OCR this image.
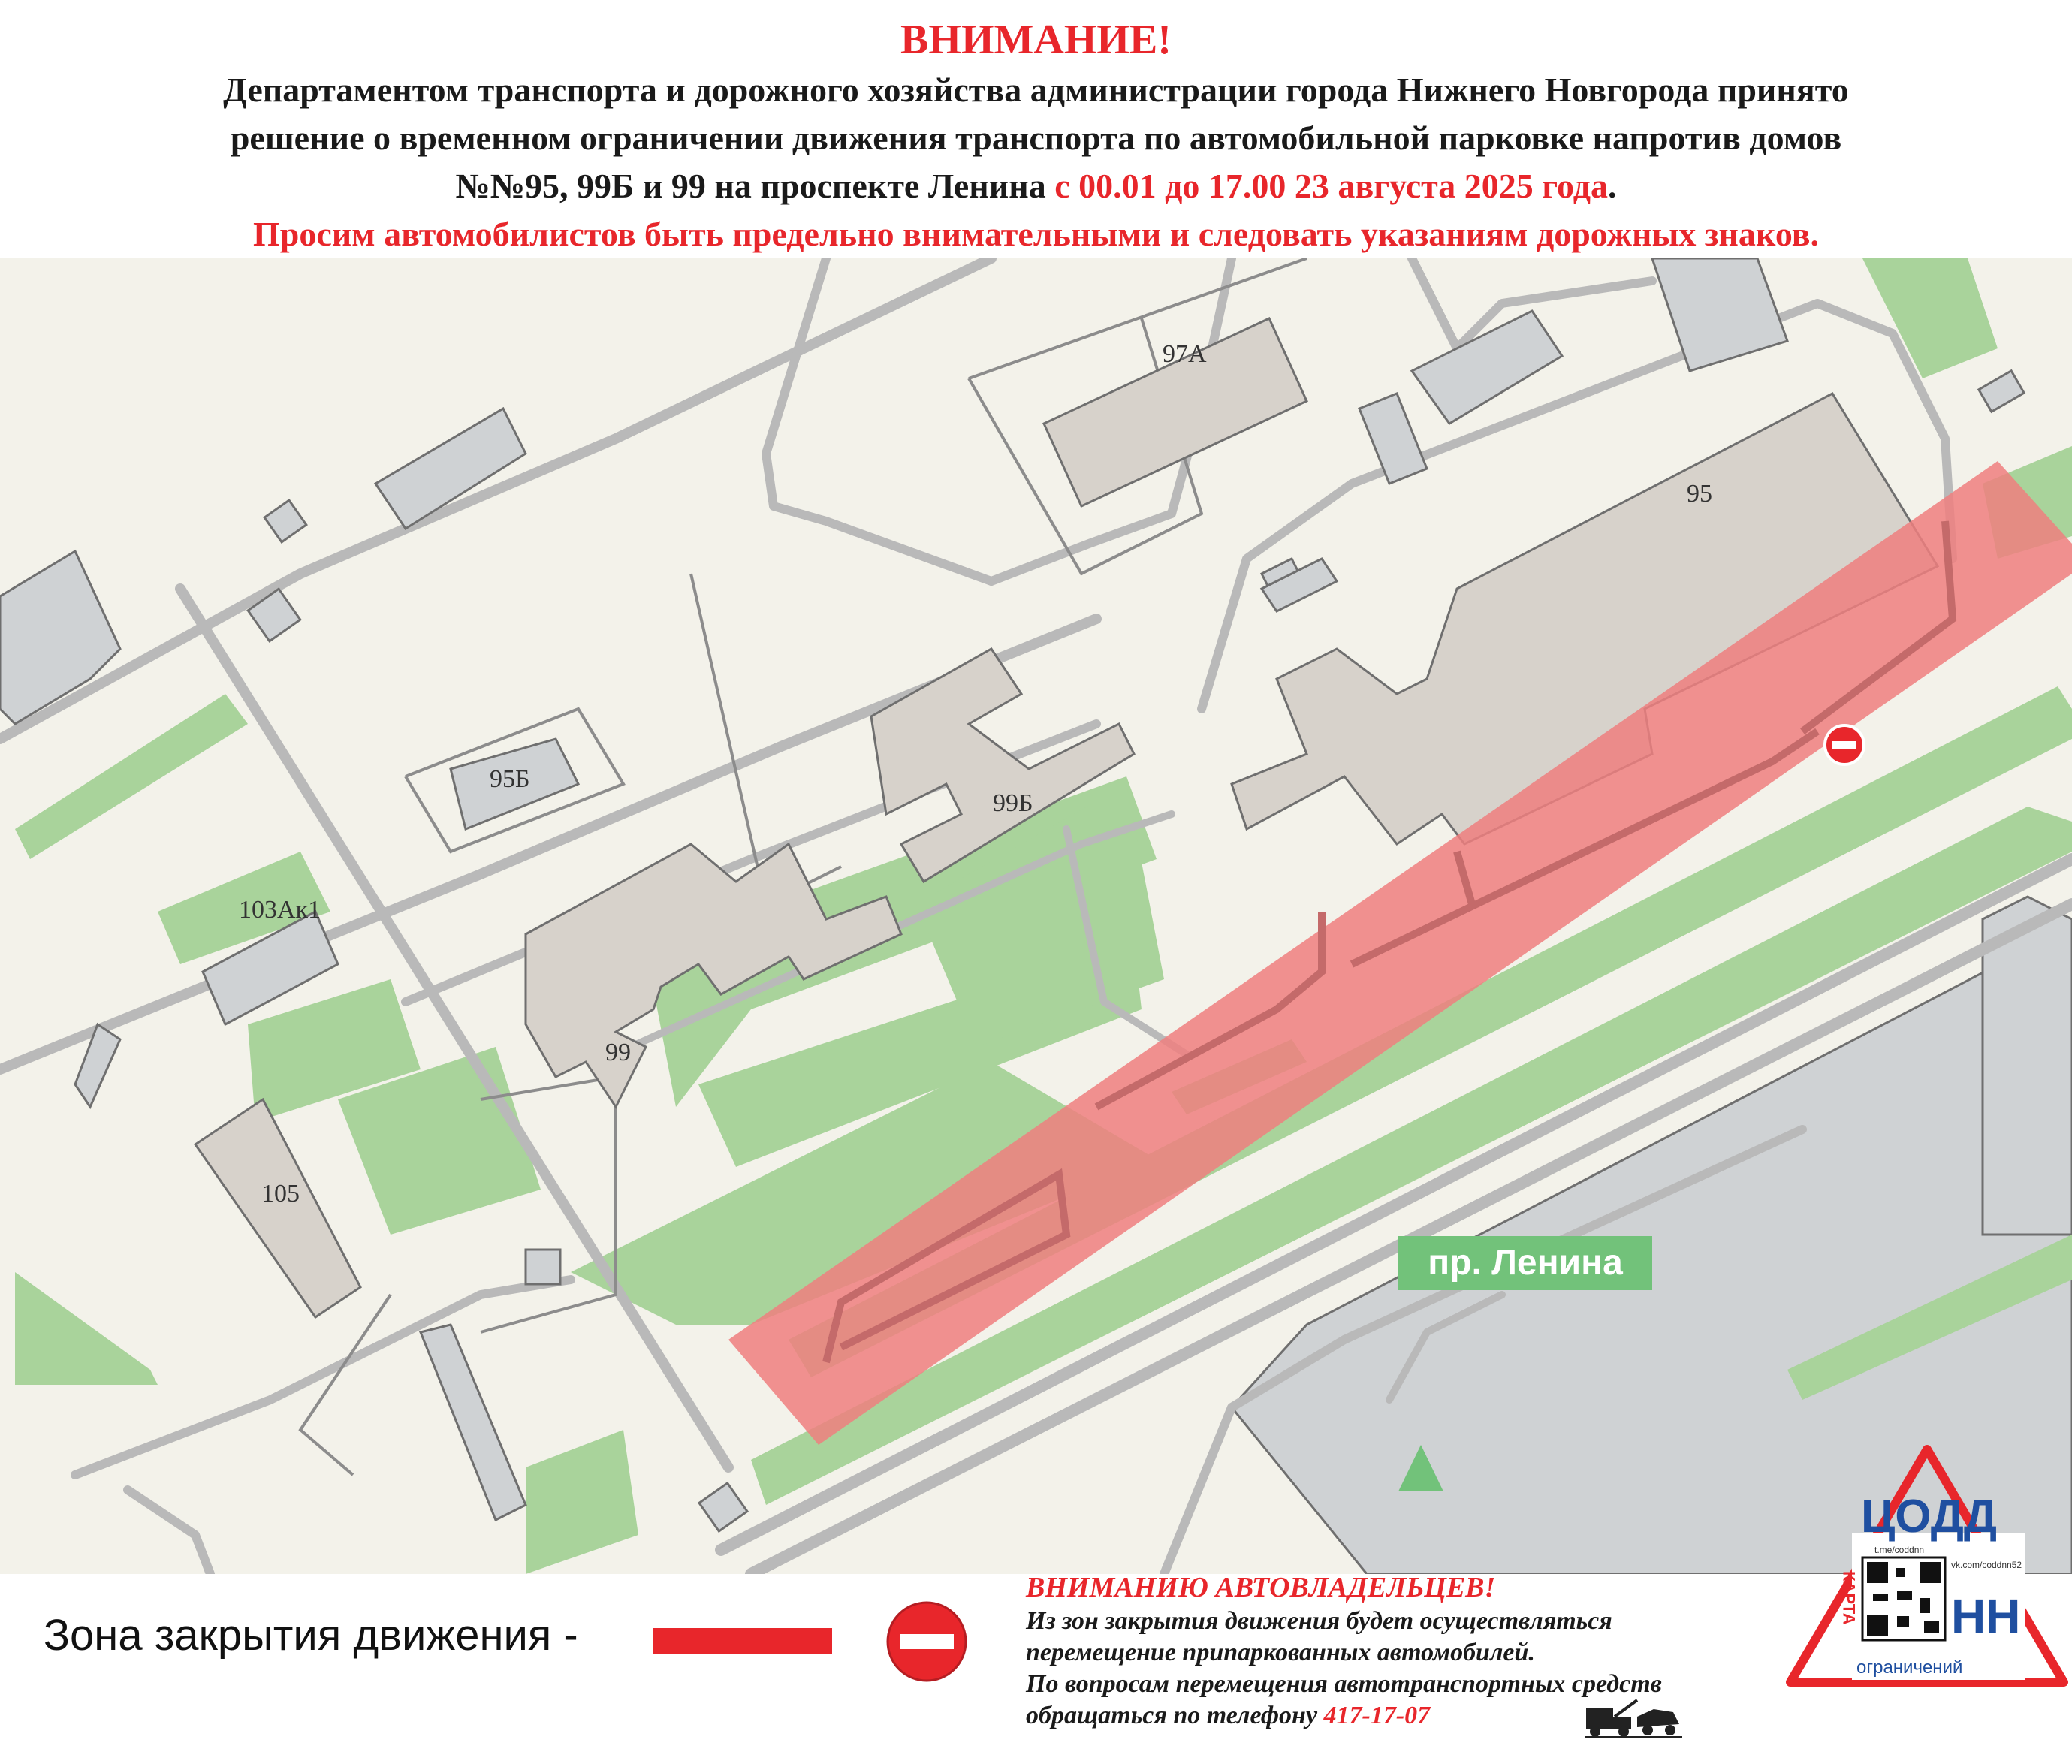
ВНИМАНИЕ!
Департаментом транспорта и дорожного хозяйства администрации города Нижнего Новгорода принято
решение о временном ограничении движения транспорта по автомобильной парковке напротив домов
№№95, 99Б и 99 на проспекте Ленина с 00.01 до 17.00 23 августа 2025 года.
Просим автомобилистов быть предельно внимательными и следовать указаниям дорожных знаков.
97А
95
95Б
99Б
103Ак1
99
105
пр. Ленина
Зона закрытия движения -
ВНИМАНИЮ АВТОВЛАДЕЛЬЦЕВ!
Из зон закрытия движения будет осуществляться
перемещение припаркованных автомобилей.
По вопросам перемещения автотранспортных средств
обращаться по телефону 417-17-07
ЦОДД
t.me/coddnn
vk.com/coddnn52
КАРТА НН
ограничений
